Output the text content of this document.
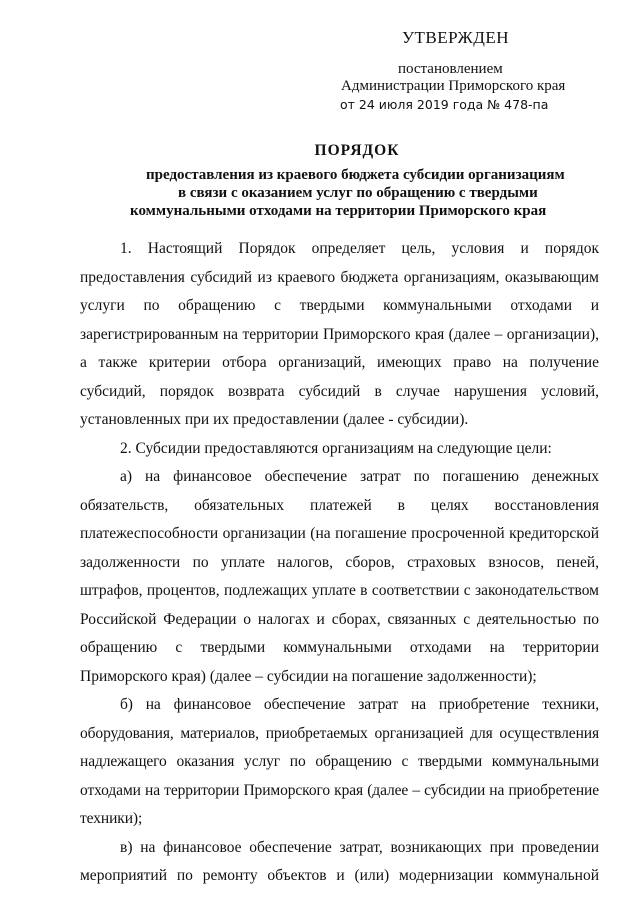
УТВЕРЖДЕН
постановлением
Администрации Приморского края
от 24 июля 2019 года № 478-па
ПОРЯДОК
предоставления из краевого бюджета субсидии организациям
в связи с оказанием услуг по обращению с твердыми
коммунальными отходами на территории Приморского края

1. Настоящий Порядок определяет цель, условия и порядок предоставления субсидий из краевого бюджета организациям, оказывающим услуги по обращению с твердыми коммунальными отходами и зарегистрированным на территории Приморского края (далее – организации), а также критерии отбора организаций, имеющих право на получение субсидий, порядок возврата субсидий в случае нарушения условий, установленных при их предоставлении (далее - субсидии).

2. Субсидии предоставляются организациям на следующие цели:

а) на финансовое обеспечение затрат по погашению денежных обязательств, обязательных платежей в целях восстановления платежеспособности организации (на погашение просроченной кредиторской задолженности по уплате налогов, сборов, страховых взносов, пеней, штрафов, процентов, подлежащих уплате в соответствии с законодательством Российской Федерации о налогах и сборах, связанных с деятельностью по обращению с твердыми коммунальными отходами на территории Приморского края) (далее – субсидии на погашение задолженности);

б) на финансовое обеспечение затрат на приобретение техники, оборудования, материалов, приобретаемых организацией для осуществления надлежащего оказания услуг по обращению с твердыми коммунальными отходами на территории Приморского края (далее – субсидии на приобретение техники);

в) на финансовое обеспечение затрат, возникающих при проведении мероприятий по ремонту объектов и (или) модернизации коммунальной
